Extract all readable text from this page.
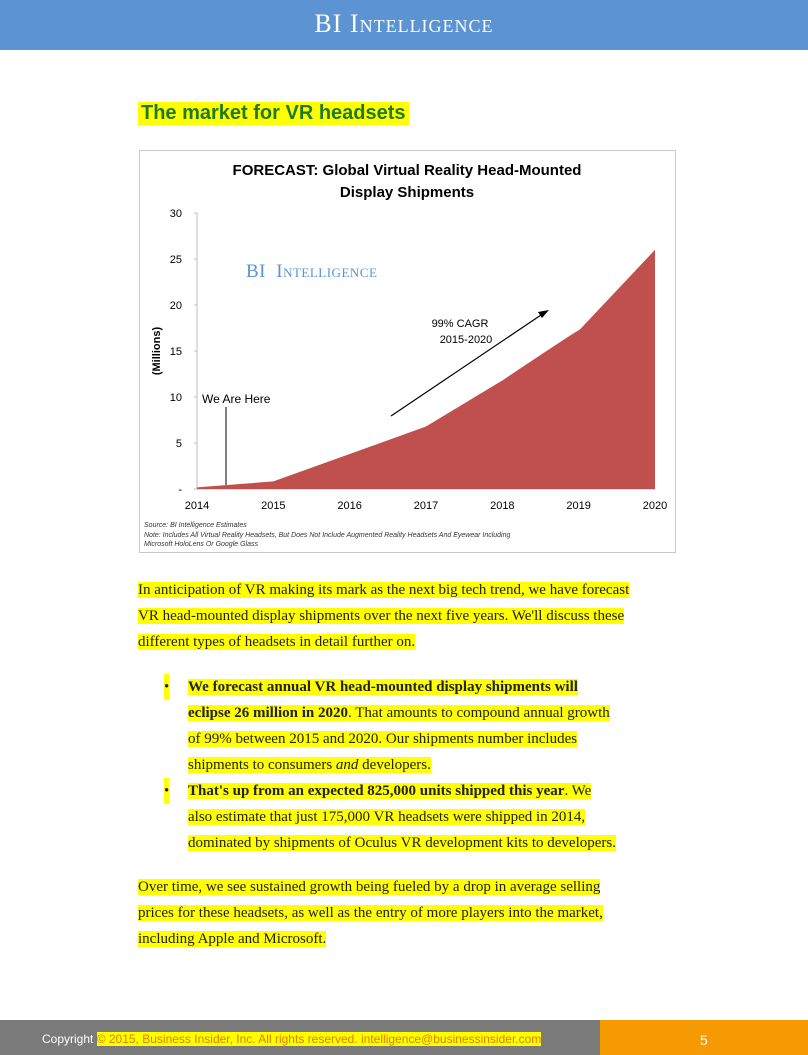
BI Intelligence
The market for VR headsets
FORECAST: Global Virtual Reality Head-Mounted
Display Shipments
(Millions)
BI Intelligence
-
5
10
15
20
25
30
2014	2015	2016	2017	2018	2019	2020
We Are Here
99% CAGR
2015-2020
Source: BI Intelligence Estimates
Note: Includes All Virtual Reality Headsets, But Does Not Include Augmented Reality Headsets And Eyewear Including
Microsoft HoloLens Or Google Glass

In anticipation of VR making its mark as the next big tech trend, we have forecast
VR head-mounted display shipments over the next five years. We'll discuss these
different types of headsets in detail further on.

• We forecast annual VR head-mounted display shipments will
eclipse 26 million in 2020. That amounts to compound annual growth
of 99% between 2015 and 2020. Our shipments number includes
shipments to consumers and developers.
• That's up from an expected 825,000 units shipped this year. We
also estimate that just 175,000 VR headsets were shipped in 2014,
dominated by shipments of Oculus VR development kits to developers.

Over time, we see sustained growth being fueled by a drop in average selling
prices for these headsets, as well as the entry of more players into the market,
including Apple and Microsoft.

Copyright © 2015, Business Insider, Inc. All rights reserved. intelligence@businessinsider.com	5
